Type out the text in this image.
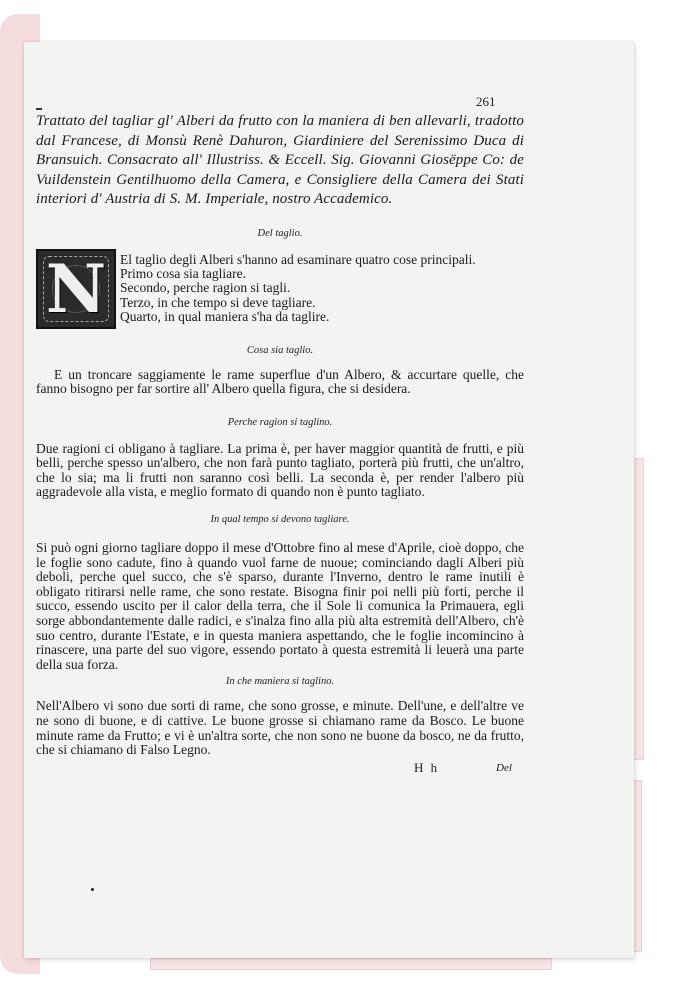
261

Trattato del tagliar gl' Alberi da frutto con la maniera di ben allevarli, tradotto dal Francese, di Monsù Renè Dahuron, Giardiniere del Serenissimo Duca di Bransuich. Consacrato all' Illustriss. & Eccell. Sig. Giovanni Giosëppe Co: de Vuildenstein Gentilhuomo della Camera, e Consigliere della Camera dei Stati interiori d' Austria di S. M. Imperiale, nostro Accademico.

Del taglio.

N	El taglio degli Alberi s'hanno ad esaminare quatro cose principali.
Primo cosa sia tagliare.
Secondo, perche ragion si tagli.
Terzo, in che tempo si deve tagliare.
Quarto, in qual maniera s'ha da taglire.

Cosa sia taglio.

E un troncare saggiamente le rame superflue d'un Albero, & accurtare quelle, che fanno bisogno per far sortire all' Albero quella figura, che si desidera.

Perche ragion si taglino.

Due ragioni ci obligano à tagliare. La prima è, per haver maggior quantità de frutti, e più belli, perche spesso un'albero, che non farà punto tagliato, porterà più frutti, che un'altro, che lo sia; ma li frutti non saranno così belli. La seconda è, per render l'albero più aggradevole alla vista, e meglio formato di quando non è punto tagliato.

In qual tempo si devono tagliare.

Si può ogni giorno tagliare doppo il mese d'Ottobre fino al mese d'Aprile, cioè doppo, che le foglie sono cadute, fino à quando vuol farne de nuoue; cominciando dagli Alberi più deboli, perche quel succo, che s'è sparso, durante l'Inverno, dentro le rame inutili è obligato ritirarsi nelle rame, che sono restate. Bisogna finir poi nelli più forti, perche il succo, essendo uscito per il calor della terra, che il Sole li comunica la Primauera, egli sorge abbondantemente dalle radici, e s'inalza fino alla più alta estremità dell'Albero, ch'è suo centro, durante l'Estate, e in questa maniera aspettando, che le foglie incomincino à rinascere, una parte del suo vigore, essendo portato à questa estremità li leuerà una parte della sua forza.

In che maniera si taglino.

Nell'Albero vi sono due sorti di rame, che sono grosse, e minute. Dell'une, e dell'altre ve ne sono di buone, e di cattive. Le buone grosse si chiamano rame da Bosco. Le buone minute rame da Frutto; e vi è un'altra sorte, che non sono ne buone da bosco, ne da frutto, che si chiamano di Falso Legno.

H h	Del
